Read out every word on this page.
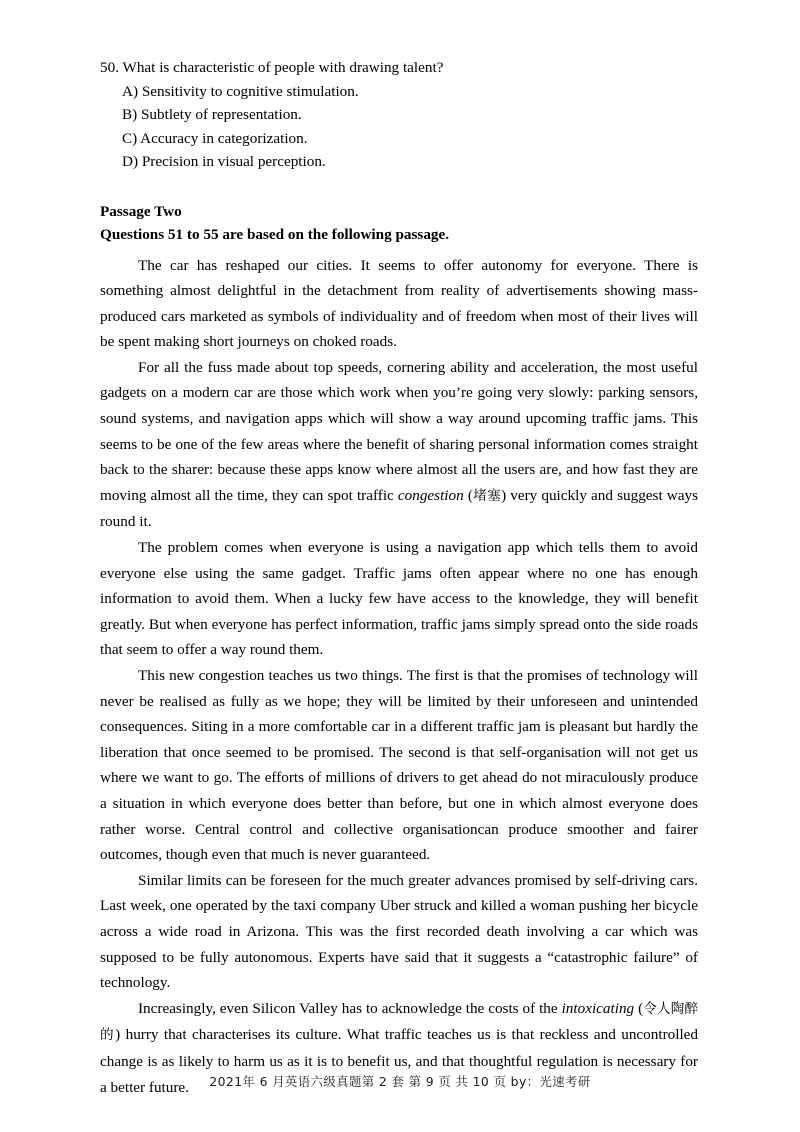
50. What is characteristic of people with drawing talent?

A) Sensitivity to cognitive stimulation.
B) Subtlety of representation.
C) Accuracy in categorization.
D) Precision in visual perception.

Passage Two

Questions 51 to 55 are based on the following passage.

The car has reshaped our cities. It seems to offer autonomy for everyone. There is something almost delightful in the detachment from reality of advertisements showing mass-produced cars marketed as symbols of individuality and of freedom when most of their lives will be spent making short journeys on choked roads.

For all the fuss made about top speeds, cornering ability and acceleration, the most useful gadgets on a modern car are those which work when you’re going very slowly: parking sensors, sound systems, and navigation apps which will show a way around upcoming traffic jams. This seems to be one of the few areas where the benefit of sharing personal information comes straight back to the sharer: because these apps know where almost all the users are, and how fast they are moving almost all the time, they can spot traffic congestion (堵塞) very quickly and suggest ways round it.

The problem comes when everyone is using a navigation app which tells them to avoid everyone else using the same gadget. Traffic jams often appear where no one has enough information to avoid them. When a lucky few have access to the knowledge, they will benefit greatly. But when everyone has perfect information, traffic jams simply spread onto the side roads that seem to offer a way round them.

This new congestion teaches us two things. The first is that the promises of technology will never be realised as fully as we hope; they will be limited by their unforeseen and unintended consequences. Siting in a more comfortable car in a different traffic jam is pleasant but hardly the liberation that once seemed to be promised. The second is that self-organisation will not get us where we want to go. The efforts of millions of drivers to get ahead do not miraculously produce a situation in which everyone does better than before, but one in which almost everyone does rather worse. Central control and collective organisationcan produce smoother and fairer outcomes, though even that much is never guaranteed.

Similar limits can be foreseen for the much greater advances promised by self-driving cars. Last week, one operated by the taxi company Uber struck and killed a woman pushing her bicycle across a wide road in Arizona. This was the first recorded death involving a car which was supposed to be fully autonomous. Experts have said that it suggests a “catastrophic failure” of technology.

Increasingly, even Silicon Valley has to acknowledge the costs of the intoxicating (令人陶醉的) hurry that characterises its culture. What traffic teaches us is that reckless and uncontrolled change is as likely to harm us as it is to benefit us, and that thoughtful regulation is necessary for a better future.	2021年 6 月英语六级真题第 2 套 第 9 页 共 10 页 by：光速考研
